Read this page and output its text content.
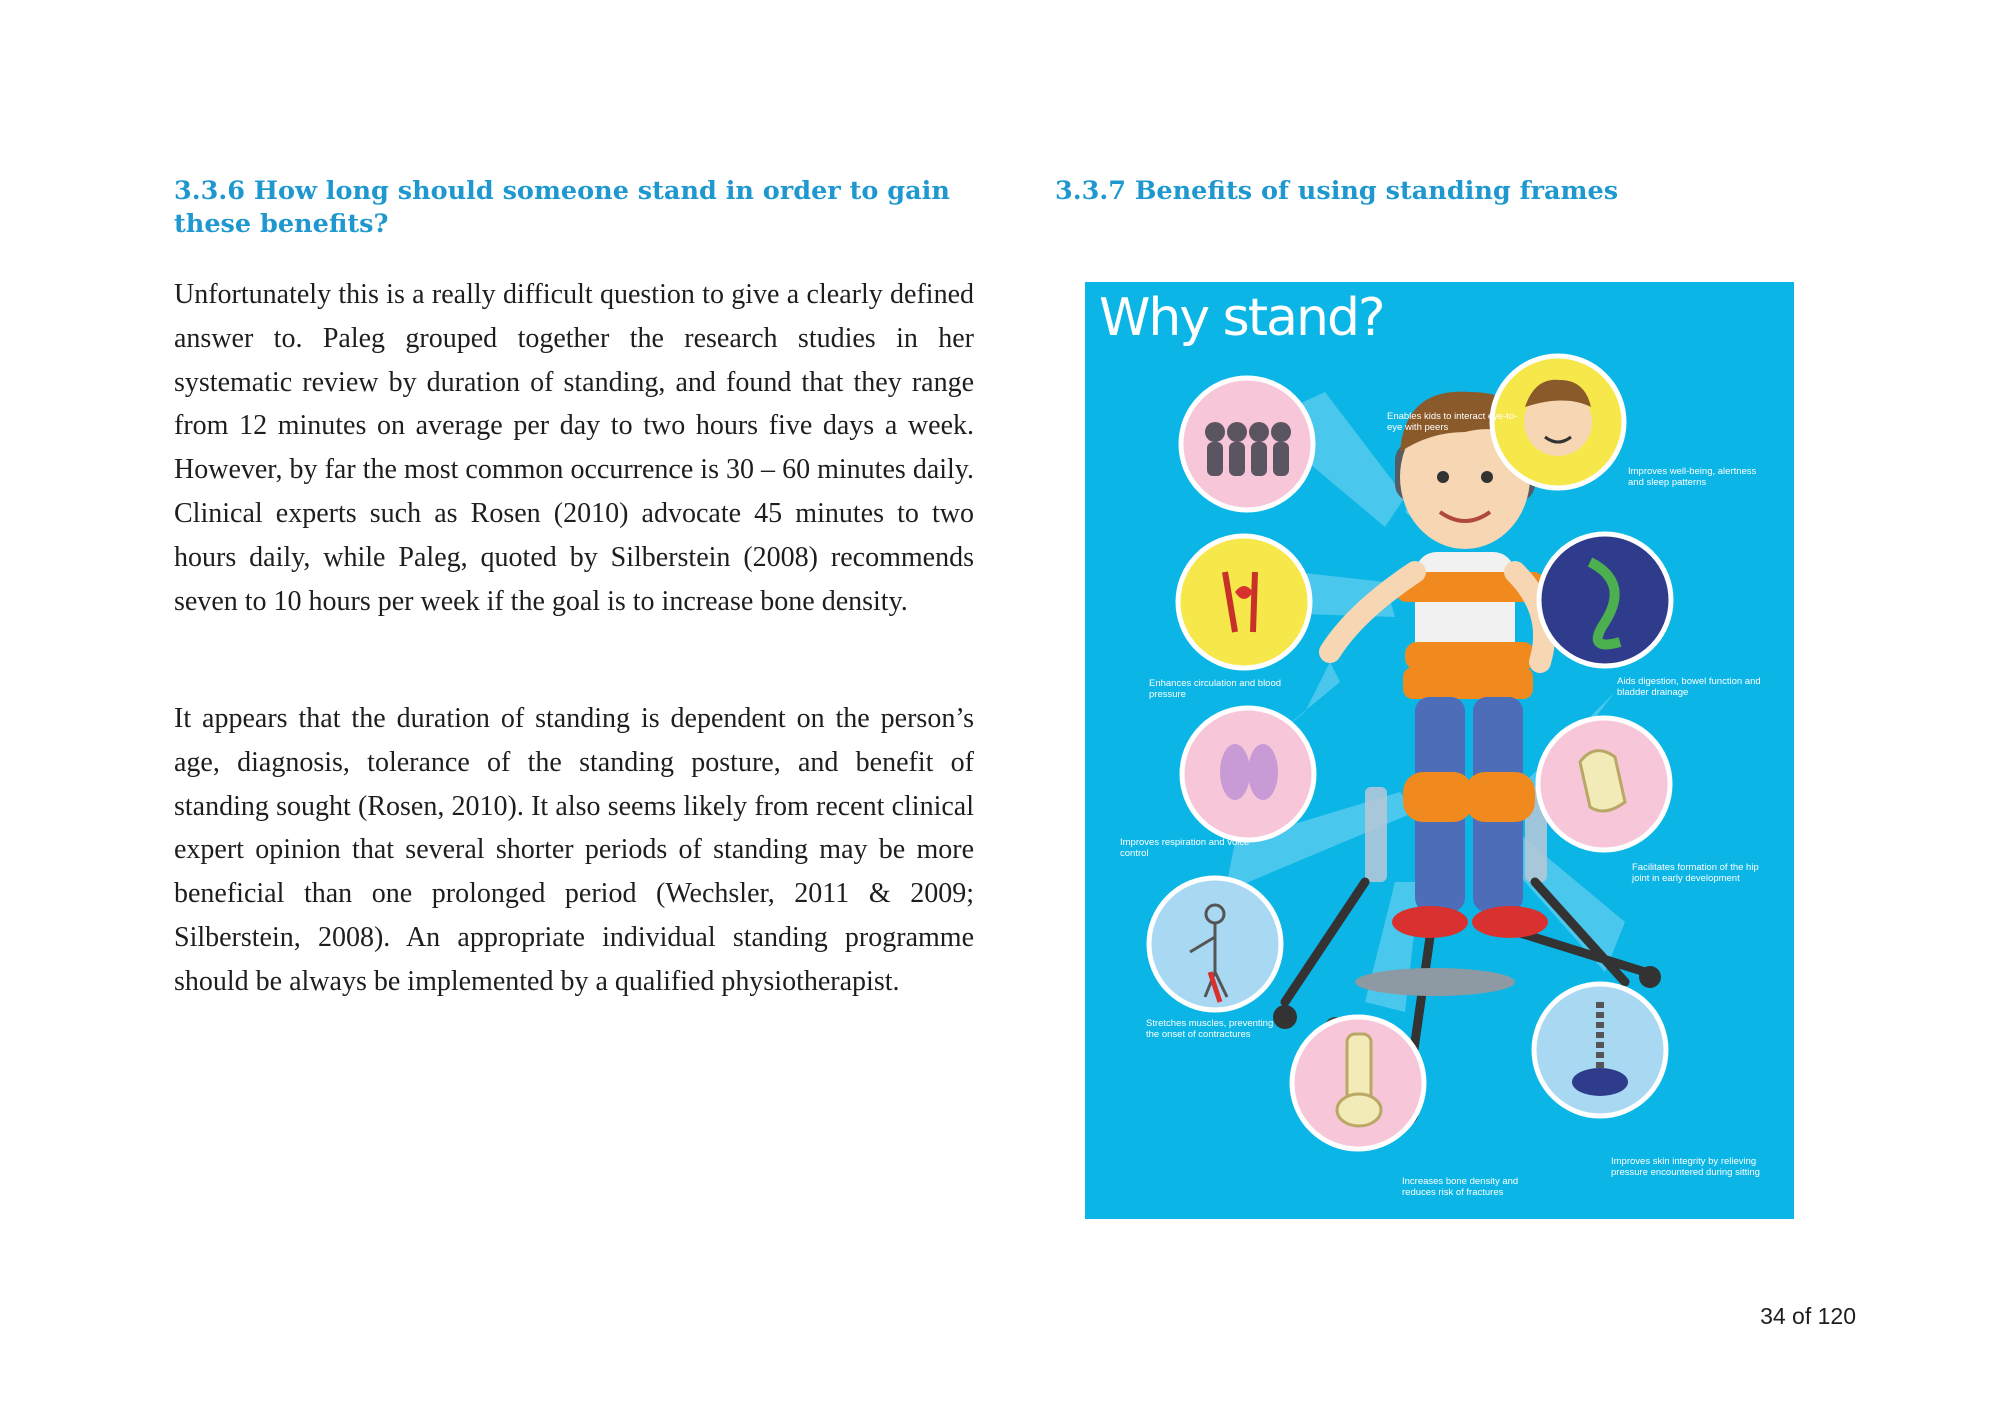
3.3.6 How long should someone stand in order to gain these benefits?

Unfortunately this is a really difficult question to give a clearly defined answer to. Paleg grouped together the research studies in her systematic review by duration of standing, and found that they range from 12 minutes on average per day to two hours five days a week. However, by far the most common occurrence is 30 – 60 minutes daily. Clinical experts such as Rosen (2010) advocate 45 minutes to two hours daily, while Paleg, quoted by Silberstein (2008) recommends seven to 10 hours per week if the goal is to increase bone density.

It appears that the duration of standing is dependent on the person’s age, diagnosis, tolerance of the standing posture, and benefit of standing sought (Rosen, 2010). It also seems likely from recent clinical expert opinion that several shorter periods of standing may be more beneficial than one prolonged period (Wechsler, 2011 & 2009; Silberstein, 2008). An appropriate individual standing programme should be always be implemented by a qualified physiotherapist.

3.3.7 Benefits of using standing frames
Why stand?
Enables kids to interact eye-to-eye with peers
Improves well-being, alertness and sleep patterns
Enhances circulation and blood pressure
Aids digestion, bowel function and bladder drainage
Improves respiration and voice control
Facilitates formation of the hip joint in early development
Stretches muscles, preventing the onset of contractures
Increases bone density and reduces risk of fractures
Improves skin integrity by relieving pressure encountered during sitting
34 of 120
